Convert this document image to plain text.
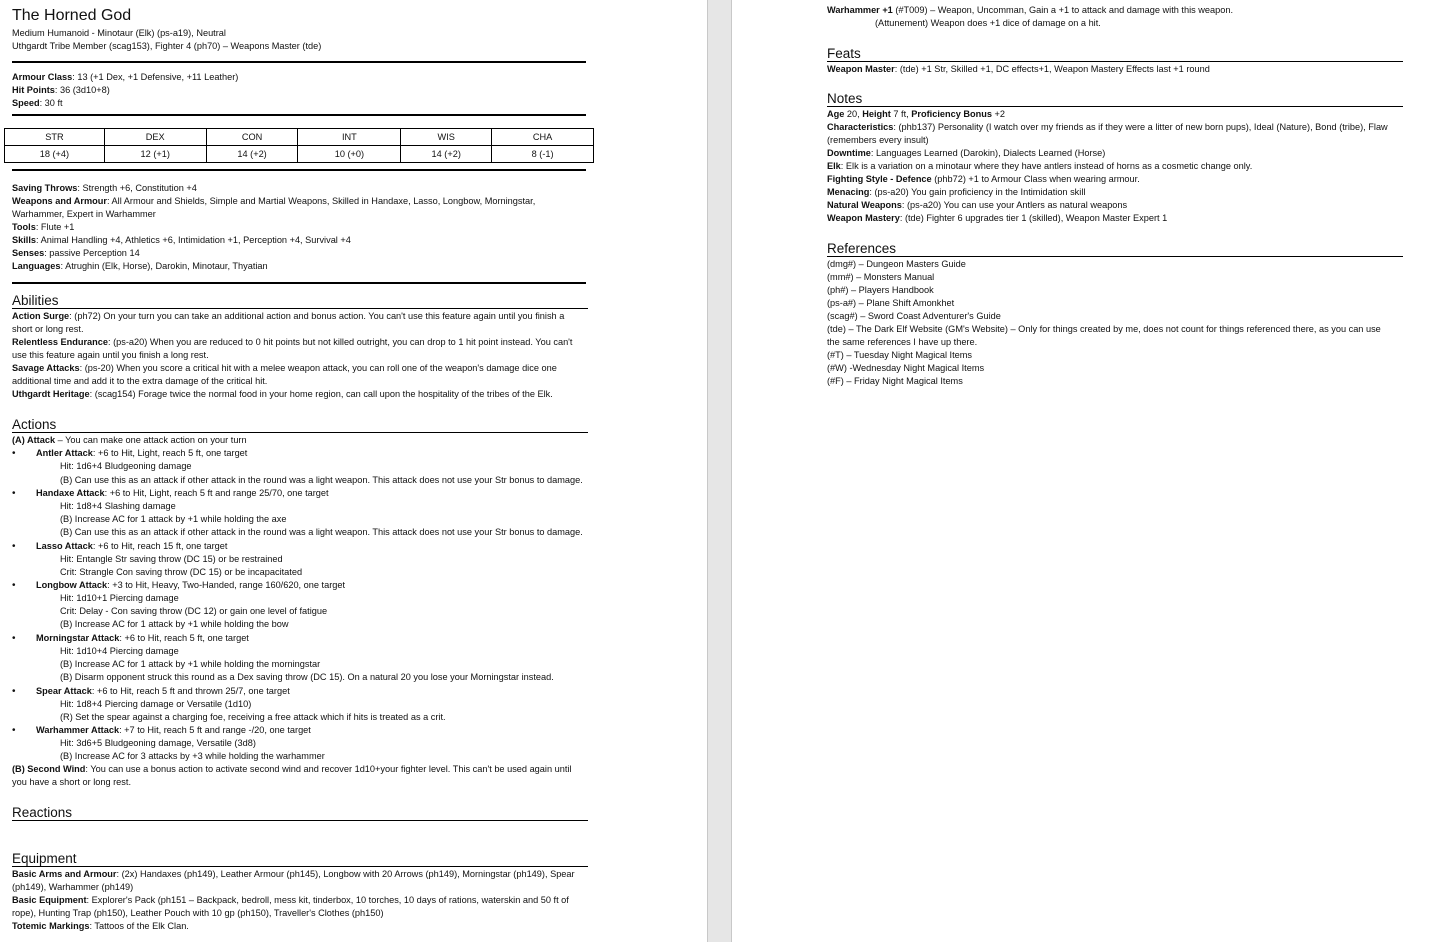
The Horned God
Medium Humanoid - Minotaur (Elk) (ps-a19), Neutral
Uthgardt Tribe Member (scag153), Fighter 4 (ph70) – Weapons Master (tde)
Armour Class: 13 (+1 Dex, +1 Defensive, +11 Leather)
Hit Points: 36 (3d10+8)
Speed: 30 ft
STR	DEX	CON	INT	WIS	CHA
18 (+4)	12 (+1)	14 (+2)	10 (+0)	14 (+2)	8 (-1)
Saving Throws: Strength +6, Constitution +4
Weapons and Armour: All Armour and Shields, Simple and Martial Weapons, Skilled in Handaxe, Lasso, Longbow, Morningstar,
Warhammer, Expert in Warhammer
Tools: Flute +1
Skills: Animal Handling +4, Athletics +6, Intimidation +1, Perception +4, Survival +4
Senses: passive Perception 14
Languages: Atrughin (Elk, Horse), Darokin, Minotaur, Thyatian
Abilities
Action Surge: (ph72) On your turn you can take an additional action and bonus action. You can't use this feature again until you finish a
short or long rest.
Relentless Endurance: (ps-a20) When you are reduced to 0 hit points but not killed outright, you can drop to 1 hit point instead. You can't
use this feature again until you finish a long rest.
Savage Attacks: (ps-20) When you score a critical hit with a melee weapon attack, you can roll one of the weapon's damage dice one
additional time and add it to the extra damage of the critical hit.
Uthgardt Heritage: (scag154) Forage twice the normal food in your home region, can call upon the hospitality of the tribes of the Elk.
Actions
(A) Attack – You can make one attack action on your turn
• Antler Attack: +6 to Hit, Light, reach 5 ft, one target
Hit: 1d6+4 Bludgeoning damage
(B) Can use this as an attack if other attack in the round was a light weapon. This attack does not use your Str bonus to damage.
• Handaxe Attack: +6 to Hit, Light, reach 5 ft and range 25/70, one target
Hit: 1d8+4 Slashing damage
(B) Increase AC for 1 attack by +1 while holding the axe
(B) Can use this as an attack if other attack in the round was a light weapon. This attack does not use your Str bonus to damage.
• Lasso Attack: +6 to Hit, reach 15 ft, one target
Hit: Entangle Str saving throw (DC 15) or be restrained
Crit: Strangle Con saving throw (DC 15) or be incapacitated
• Longbow Attack: +3 to Hit, Heavy, Two-Handed, range 160/620, one target
Hit: 1d10+1 Piercing damage
Crit: Delay - Con saving throw (DC 12) or gain one level of fatigue
(B) Increase AC for 1 attack by +1 while holding the bow
• Morningstar Attack: +6 to Hit, reach 5 ft, one target
Hit: 1d10+4 Piercing damage
(B) Increase AC for 1 attack by +1 while holding the morningstar
(B) Disarm opponent struck this round as a Dex saving throw (DC 15). On a natural 20 you lose your Morningstar instead.
• Spear Attack: +6 to Hit, reach 5 ft and thrown 25/7, one target
Hit: 1d8+4 Piercing damage or Versatile (1d10)
(R) Set the spear against a charging foe, receiving a free attack which if hits is treated as a crit.
• Warhammer Attack: +7 to Hit, reach 5 ft and range -/20, one target
Hit: 3d6+5 Bludgeoning damage, Versatile (3d8)
(B) Increase AC for 3 attacks by +3 while holding the warhammer
(B) Second Wind: You can use a bonus action to activate second wind and recover 1d10+your fighter level. This can't be used again until
you have a short or long rest.
Reactions
Equipment
Basic Arms and Armour: (2x) Handaxes (ph149), Leather Armour (ph145), Longbow with 20 Arrows (ph149), Morningstar (ph149), Spear
(ph149), Warhammer (ph149)
Basic Equipment: Explorer's Pack (ph151 – Backpack, bedroll, mess kit, tinderbox, 10 torches, 10 days of rations, waterskin and 50 ft of
rope), Hunting Trap (ph150), Leather Pouch with 10 gp (ph150), Traveller's Clothes (ph150)
Totemic Markings: Tattoos of the Elk Clan.
Warhammer +1 (#T009) – Weapon, Uncomman, Gain a +1 to attack and damage with this weapon.
(Attunement) Weapon does +1 dice of damage on a hit.
Feats
Weapon Master: (tde) +1 Str, Skilled +1, DC effects+1, Weapon Mastery Effects last +1 round
Notes
Age 20, Height 7 ft, Proficiency Bonus +2
Characteristics: (phb137) Personality (I watch over my friends as if they were a litter of new born pups), Ideal (Nature), Bond (tribe), Flaw
(remembers every insult)
Downtime: Languages Learned (Darokin), Dialects Learned (Horse)
Elk: Elk is a variation on a minotaur where they have antlers instead of horns as a cosmetic change only.
Fighting Style - Defence (phb72) +1 to Armour Class when wearing armour.
Menacing: (ps-a20) You gain proficiency in the Intimidation skill
Natural Weapons: (ps-a20) You can use your Antlers as natural weapons
Weapon Mastery: (tde) Fighter 6 upgrades tier 1 (skilled), Weapon Master Expert 1
References
(dmg#) – Dungeon Masters Guide
(mm#) – Monsters Manual
(ph#) – Players Handbook
(ps-a#) – Plane Shift Amonkhet
(scag#) – Sword Coast Adventurer's Guide
(tde) – The Dark Elf Website (GM's Website) – Only for things created by me, does not count for things referenced there, as you can use
the same references I have up there.
(#T) – Tuesday Night Magical Items
(#W) -Wednesday Night Magical Items
(#F) – Friday Night Magical Items
